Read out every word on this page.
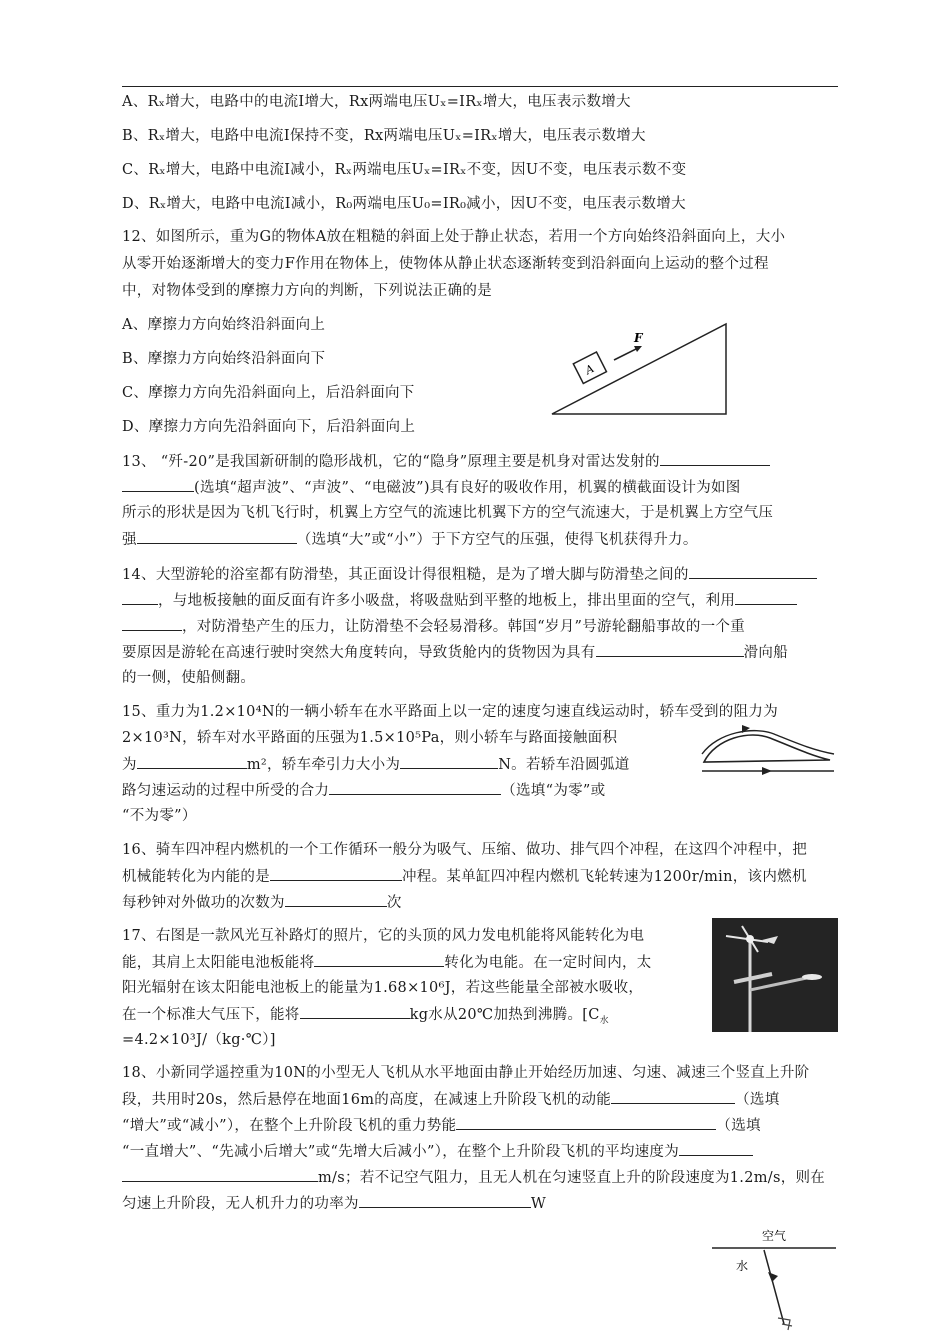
A、Rₓ增大，电路中的电流Ⅰ增大，Rx两端电压Uₓ=IRₓ增大，电压表示数增大
B、Rₓ增大，电路中电流Ⅰ保持不变，Rx两端电压Uₓ=IRₓ增大，电压表示数增大
C、Rₓ增大，电路中电流Ⅰ减小，Rₓ两端电压Uₓ=IRₓ不变，因U不变，电压表示数不变
D、Rₓ增大，电路中电流Ⅰ减小，R₀两端电压U₀=IR₀减小，因U不变，电压表示数增大
12、如图所示，重为G的物体A放在粗糙的斜面上处于静止状态，若用一个方向始终沿斜面向上，大小
从零开始逐渐增大的变力F作用在物体上，使物体从静止状态逐渐转变到沿斜面向上运动的整个过程
中，对物体受到的摩擦力方向的判断，下列说法正确的是
A、摩擦力方向始终沿斜面向上
B、摩擦力方向始终沿斜面向下
C、摩擦力方向先沿斜面向上，后沿斜面向下
D、摩擦力方向先沿斜面向下，后沿斜面向上
A
F
13、 “歼-20”是我国新研制的隐形战机，它的“隐身”原理主要是机身对雷达发射的
(选填“超声波”、“声波”、“电磁波”)具有良好的吸收作用，机翼的横截面设计为如图
所示的形状是因为飞机飞行时，机翼上方空气的流速比机翼下方的空气流速大，于是机翼上方空气压
强	（选填“大”或“小”）于下方空气的压强，使得飞机获得升力。
14、大型游轮的浴室都有防滑垫，其正面设计得很粗糙，是为了增大脚与防滑垫之间的
，与地板接触的面反面有许多小吸盘，将吸盘贴到平整的地板上，排出里面的空气，利用
，对防滑垫产生的压力，让防滑垫不会轻易滑移。韩国“岁月”号游轮翻船事故的一个重
要原因是游轮在高速行驶时突然大角度转向，导致货舱内的货物因为具有	滑向船
的一侧，使船侧翻。
15、重力为1.2×10⁴N的一辆小轿车在水平路面上以一定的速度匀速直线运动时，轿车受到的阻力为
2×10³N，轿车对水平路面的压强为1.5×10⁵Pa，则小轿车与路面接触面积
为	m²，轿车牵引力大小为	N。若轿车沿圆弧道
路匀速运动的过程中所受的合力	（选填“为零”或
“不为零”）
16、骑车四冲程内燃机的一个工作循环一般分为吸气、压缩、做功、排气四个冲程，在这四个冲程中，把
机械能转化为内能的是	冲程。某单缸四冲程内燃机飞轮转速为1200r/min，该内燃机
每秒钟对外做功的次数为	次
17、右图是一款风光互补路灯的照片，它的头顶的风力发电机能将风能转化为电
能，其肩上太阳能电池板能将	转化为电能。在一定时间内，太
阳光辐射在该太阳能电池板上的能量为1.68×10⁶J，若这些能量全部被水吸收，
在一个标准大气压下，能将	kg水从20℃加热到沸腾。[$C_水$
=4.2×10³J/（kg·℃）]
18、小新同学遥控重为10N的小型无人飞机从水平地面由静止开始经历加速、匀速、减速三个竖直上升阶
段，共用时20s，然后悬停在地面16m的高度，在减速上升阶段飞机的动能	（选填
“增大”或“减小”），在整个上升阶段飞机的重力势能	（选填
“一直增大”、“先减小后增大”或“先增大后减小”），在整个上升阶段飞机的平均速度为
m/s；若不记空气阻力，且无人机在匀速竖直上升的阶段速度为1.2m/s，则在
匀速上升阶段，无人机升力的功率为	W
空气
水
